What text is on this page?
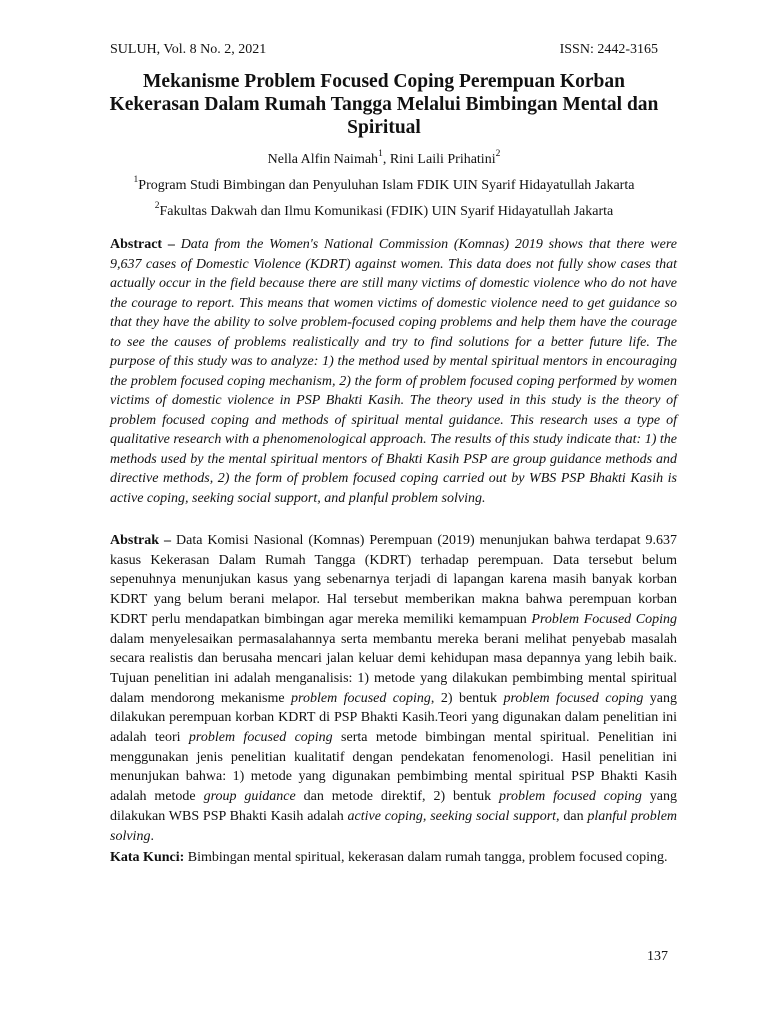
SULUH, Vol. 8 No. 2, 2021	ISSN: 2442-3165
Mekanisme Problem Focused Coping Perempuan Korban Kekerasan Dalam Rumah Tangga Melalui Bimbingan Mental dan Spiritual
Nella Alfin Naimah$^1$, Rini Laili Prihatini$^2$
$^1$Program Studi Bimbingan dan Penyuluhan Islam FDIK UIN Syarif Hidayatullah Jakarta
$^2$Fakultas Dakwah dan Ilmu Komunikasi (FDIK) UIN Syarif Hidayatullah Jakarta

Abstract – Data from the Women's National Commission (Komnas) 2019 shows that there were 9,637 cases of Domestic Violence (KDRT) against women. This data does not fully show cases that actually occur in the field because there are still many victims of domestic violence who do not have the courage to report. This means that women victims of domestic violence need to get guidance so that they have the ability to solve problem-focused coping problems and help them have the courage to see the causes of problems realistically and try to find solutions for a better future life. The purpose of this study was to analyze: 1) the method used by mental spiritual mentors in encouraging the problem focused coping mechanism, 2) the form of problem focused coping performed by women victims of domestic violence in PSP Bhakti Kasih. The theory used in this study is the theory of problem focused coping and methods of spiritual mental guidance. This research uses a type of qualitative research with a phenomenological approach. The results of this study indicate that: 1) the methods used by the mental spiritual mentors of Bhakti Kasih PSP are group guidance methods and directive methods, 2) the form of problem focused coping carried out by WBS PSP Bhakti Kasih is active coping, seeking social support, and planful problem solving.

Abstrak – Data Komisi Nasional (Komnas) Perempuan (2019) menunjukan bahwa terdapat 9.637 kasus Kekerasan Dalam Rumah Tangga (KDRT) terhadap perempuan. Data tersebut belum sepenuhnya menunjukan kasus yang sebenarnya terjadi di lapangan karena masih banyak korban KDRT yang belum berani melapor. Hal tersebut memberikan makna bahwa perempuan korban KDRT perlu mendapatkan bimbingan agar mereka memiliki kemampuan Problem Focused Coping dalam menyelesaikan permasalahannya serta membantu mereka berani melihat penyebab masalah secara realistis dan berusaha mencari jalan keluar demi kehidupan masa depannya yang lebih baik. Tujuan penelitian ini adalah menganalisis: 1) metode yang dilakukan pembimbing mental spiritual dalam mendorong mekanisme problem focused coping, 2) bentuk problem focused coping yang dilakukan perempuan korban KDRT di PSP Bhakti Kasih.Teori yang digunakan dalam penelitian ini adalah teori problem focused coping serta metode bimbingan mental spiritual. Penelitian ini menggunakan jenis penelitian kualitatif dengan pendekatan fenomenologi. Hasil penelitian ini menunjukan bahwa: 1) metode yang digunakan pembimbing mental spiritual PSP Bhakti Kasih adalah metode group guidance dan metode direktif, 2) bentuk problem focused coping yang dilakukan WBS PSP Bhakti Kasih adalah active coping, seeking social support, dan planful problem solving.

Kata Kunci: Bimbingan mental spiritual, kekerasan dalam rumah tangga, problem focused coping.

137
